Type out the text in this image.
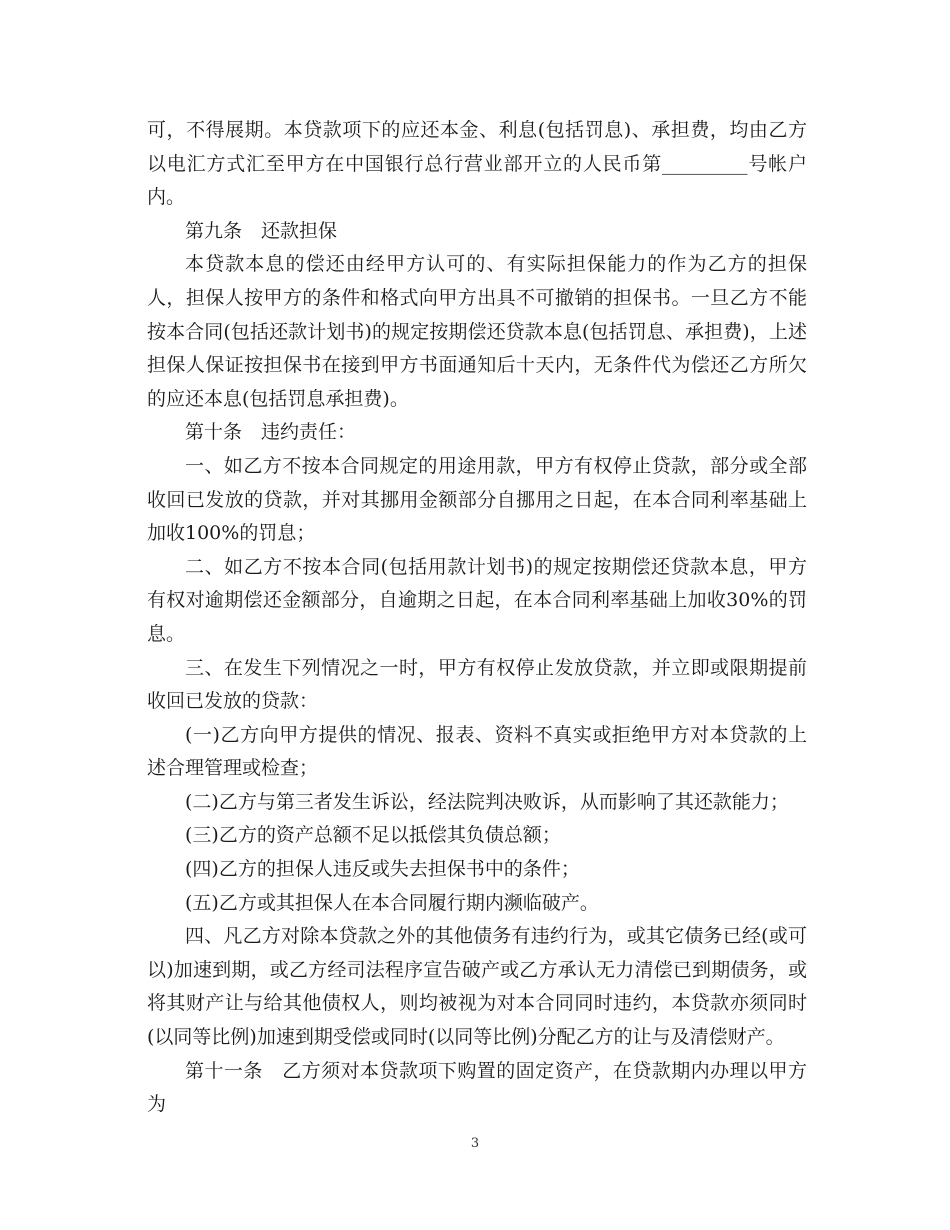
可，不得展期。本贷款项下的应还本金、利息(包括罚息)、承担费，均由乙方以电汇方式汇至甲方在中国银行总行营业部开立的人民币第_________号帐户内。

第九条　还款担保

本贷款本息的偿还由经甲方认可的、有实际担保能力的作为乙方的担保人，担保人按甲方的条件和格式向甲方出具不可撤销的担保书。一旦乙方不能按本合同(包括还款计划书)的规定按期偿还贷款本息(包括罚息、承担费)，上述担保人保证按担保书在接到甲方书面通知后十天内，无条件代为偿还乙方所欠的应还本息(包括罚息承担费)。

第十条　违约责任：

一、如乙方不按本合同规定的用途用款，甲方有权停止贷款，部分或全部收回已发放的贷款，并对其挪用金额部分自挪用之日起，在本合同利率基础上加收100%的罚息；

二、如乙方不按本合同(包括用款计划书)的规定按期偿还贷款本息，甲方有权对逾期偿还金额部分，自逾期之日起，在本合同利率基础上加收30%的罚息。

三、在发生下列情况之一时，甲方有权停止发放贷款，并立即或限期提前收回已发放的贷款：

(一)乙方向甲方提供的情况、报表、资料不真实或拒绝甲方对本贷款的上述合理管理或检查；

(二)乙方与第三者发生诉讼，经法院判决败诉，从而影响了其还款能力；

(三)乙方的资产总额不足以抵偿其负债总额；

(四)乙方的担保人违反或失去担保书中的条件；

(五)乙方或其担保人在本合同履行期内濒临破产。

四、凡乙方对除本贷款之外的其他债务有违约行为，或其它债务已经(或可以)加速到期，或乙方经司法程序宣告破产或乙方承认无力清偿已到期债务，或将其财产让与给其他债权人，则均被视为对本合同同时违约，本贷款亦须同时(以同等比例)加速到期受偿或同时(以同等比例)分配乙方的让与及清偿财产。

第十一条　乙方须对本贷款项下购置的固定资产，在贷款期内办理以甲方为

3
